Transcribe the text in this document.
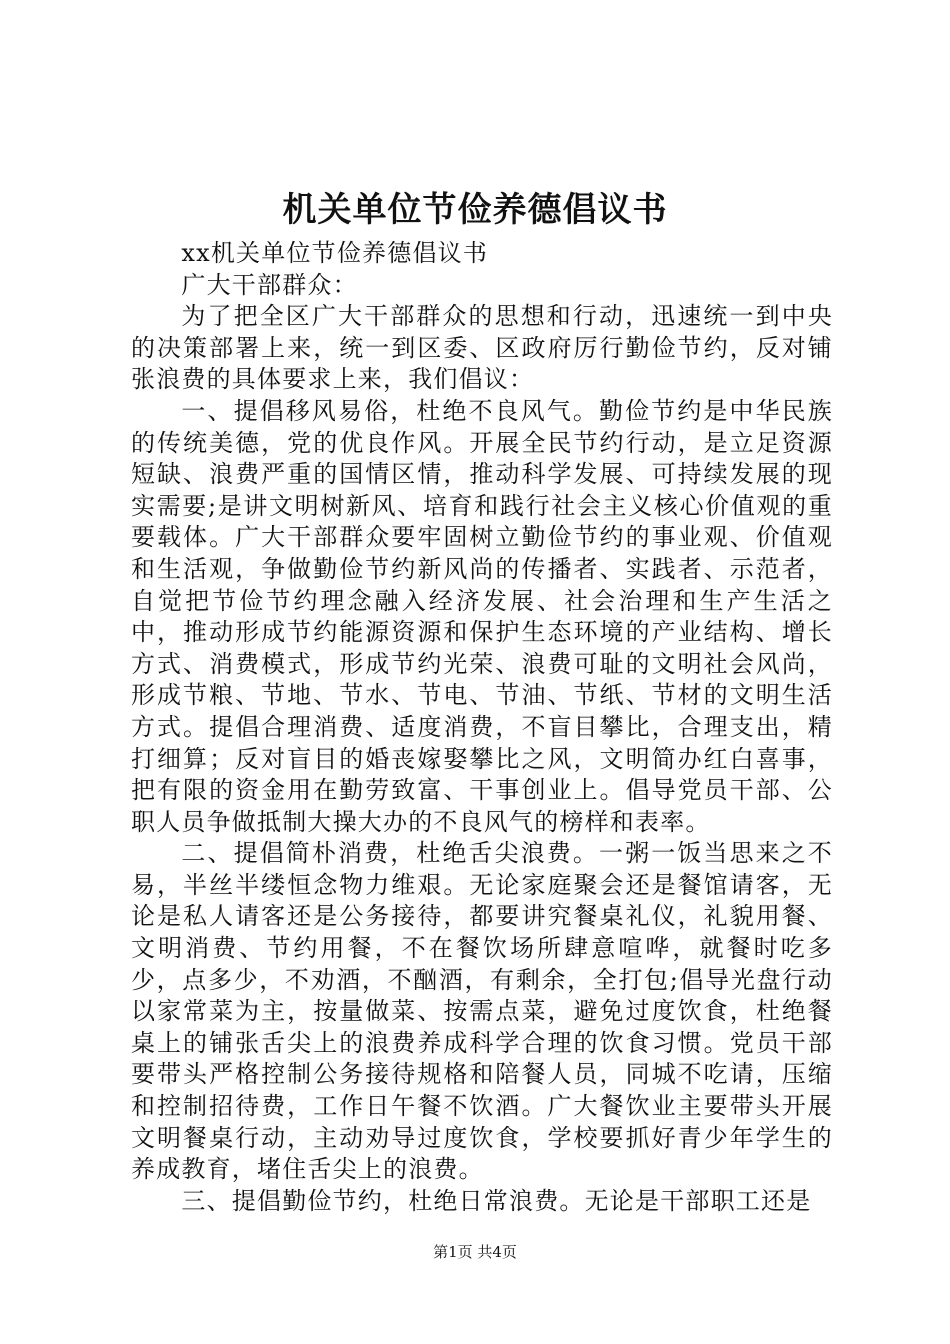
机关单位节俭养德倡议书

xx机关单位节俭养德倡议书

广大干部群众：

为了把全区广大干部群众的思想和行动，迅速统一到中央的决策部署上来，统一到区委、区政府厉行勤俭节约，反对铺张浪费的具体要求上来，我们倡议：

一、提倡移风易俗，杜绝不良风气。勤俭节约是中华民族的传统美德，党的优良作风。开展全民节约行动，是立足资源短缺、浪费严重的国情区情，推动科学发展、可持续发展的现实需要;是讲文明树新风、培育和践行社会主义核心价值观的重要载体。广大干部群众要牢固树立勤俭节约的事业观、价值观和生活观，争做勤俭节约新风尚的传播者、实践者、示范者，自觉把节俭节约理念融入经济发展、社会治理和生产生活之中，推动形成节约能源资源和保护生态环境的产业结构、增长方式、消费模式，形成节约光荣、浪费可耻的文明社会风尚，形成节粮、节地、节水、节电、节油、节纸、节材的文明生活方式。提倡合理消费、适度消费，不盲目攀比，合理支出，精打细算；反对盲目的婚丧嫁娶攀比之风，文明简办红白喜事，把有限的资金用在勤劳致富、干事创业上。倡导党员干部、公职人员争做抵制大操大办的不良风气的榜样和表率。

二、提倡简朴消费，杜绝舌尖浪费。一粥一饭当思来之不易，半丝半缕恒念物力维艰。无论家庭聚会还是餐馆请客，无论是私人请客还是公务接待，都要讲究餐桌礼仪，礼貌用餐、文明消费、节约用餐，不在餐饮场所肆意喧哗，就餐时吃多少，点多少，不劝酒，不酗酒，有剩余，全打包;倡导光盘行动以家常菜为主，按量做菜、按需点菜，避免过度饮食，杜绝餐桌上的铺张舌尖上的浪费养成科学合理的饮食习惯。党员干部要带头严格控制公务接待规格和陪餐人员，同城不吃请，压缩和控制招待费，工作日午餐不饮酒。广大餐饮业主要带头开展文明餐桌行动，主动劝导过度饮食，学校要抓好青少年学生的养成教育，堵住舌尖上的浪费。

三、提倡勤俭节约，杜绝日常浪费。无论是干部职工还是

第1页 共4页
